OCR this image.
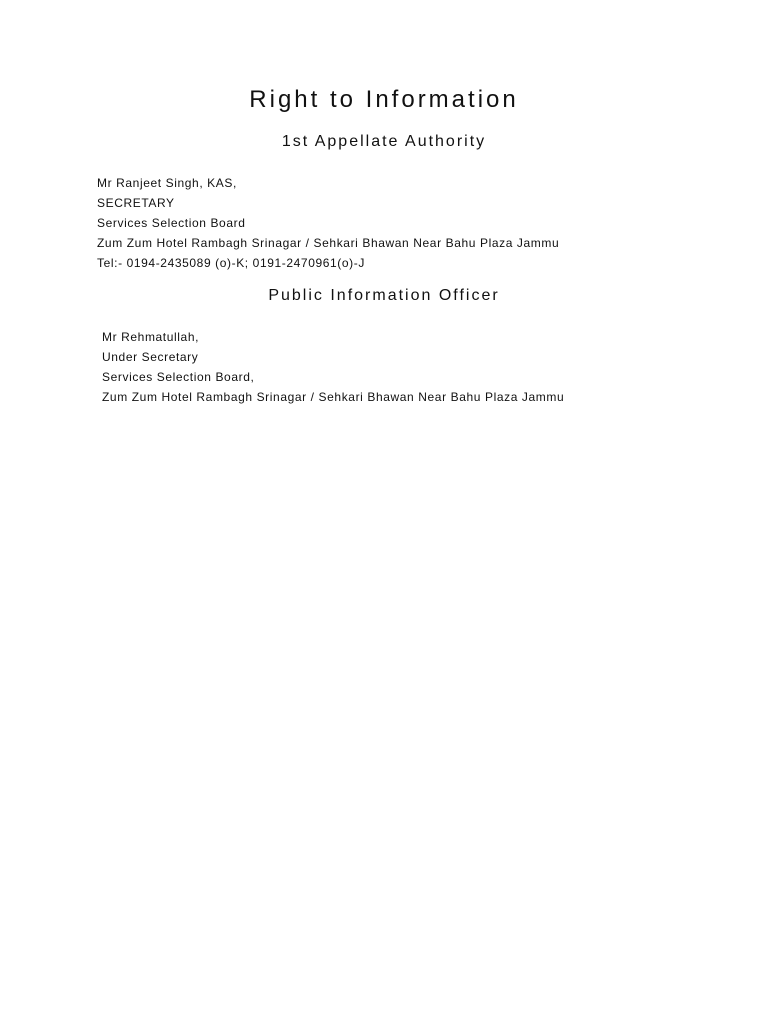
Right to Information
1st Appellate Authority
Mr Ranjeet Singh, KAS,
SECRETARY
Services Selection Board
Zum Zum Hotel Rambagh Srinagar / Sehkari Bhawan Near Bahu Plaza Jammu
Tel:- 0194-2435089 (o)-K; 0191-2470961(o)-J
Public Information Officer
Mr Rehmatullah,
Under Secretary
Services Selection Board,
Zum Zum Hotel Rambagh Srinagar / Sehkari Bhawan Near Bahu Plaza Jammu
